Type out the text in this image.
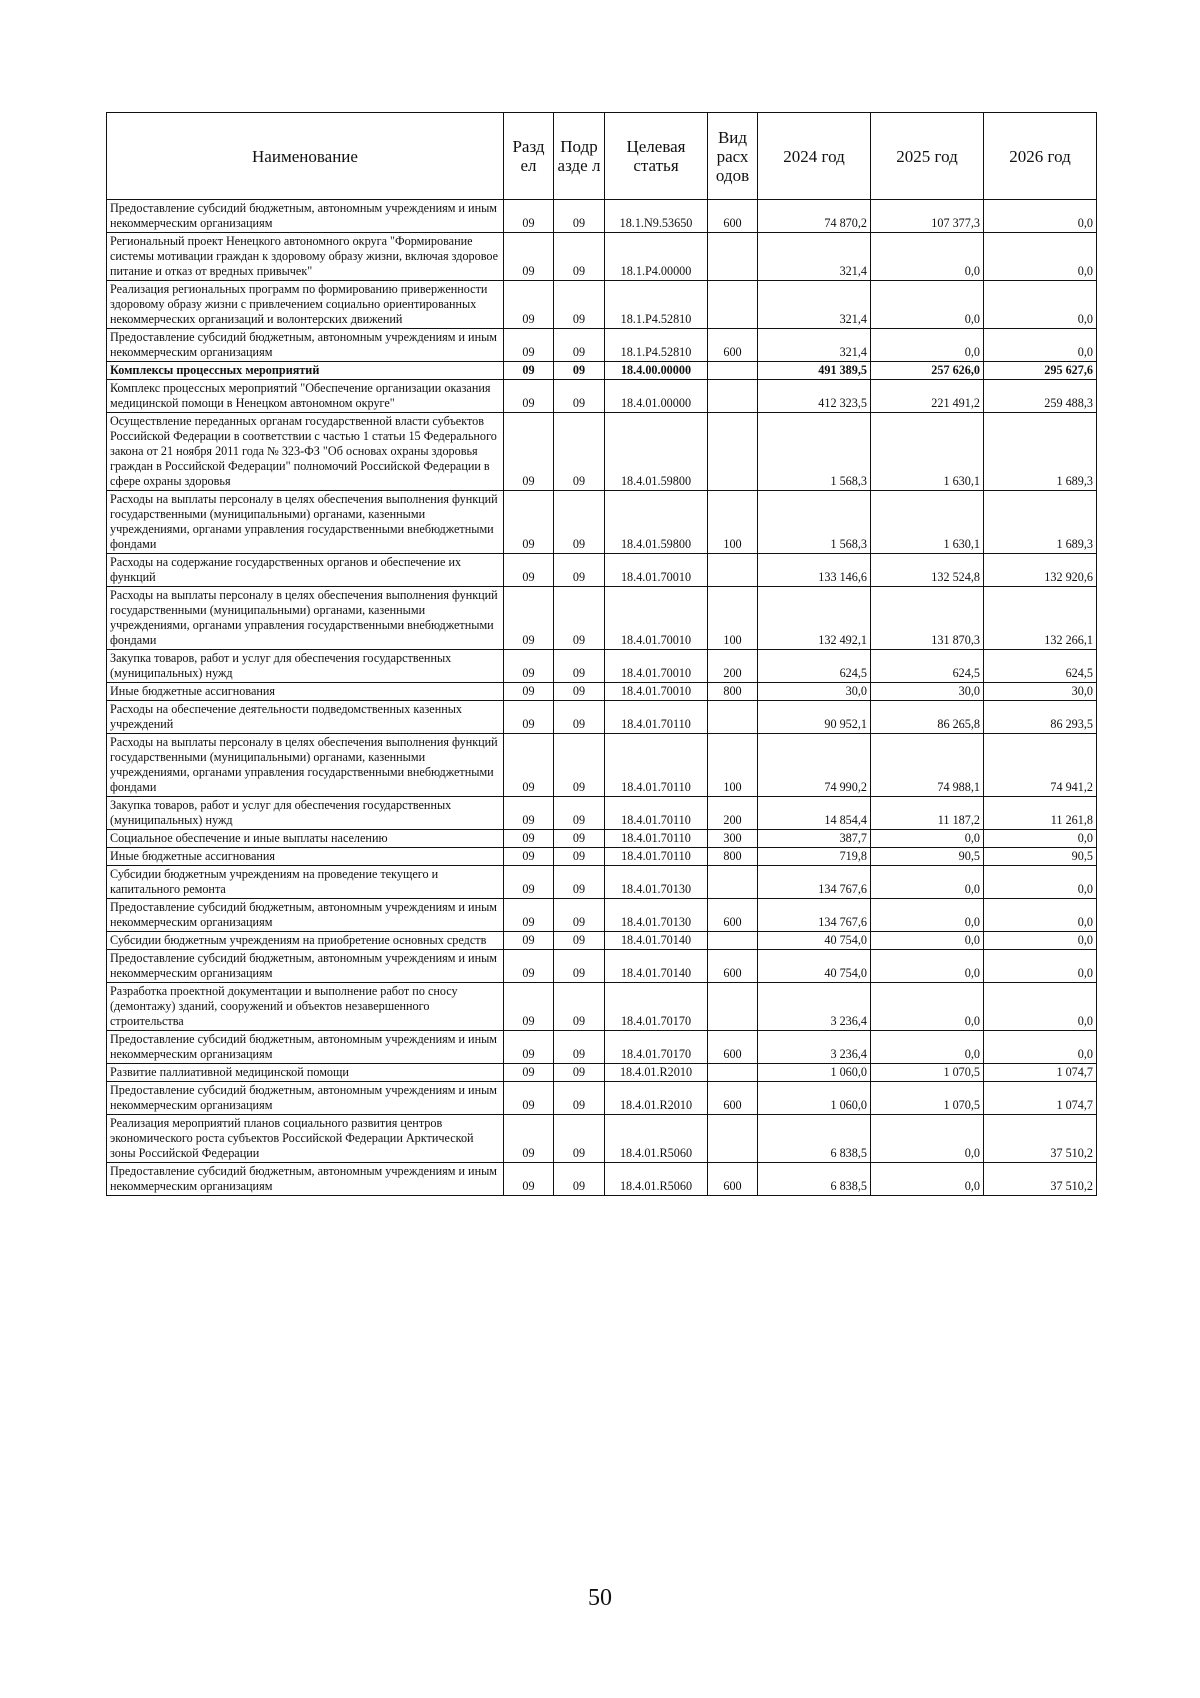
Наименование	Разд ел	Подр азде л	Целевая статья	Вид расх одов	2024 год	2025 год	2026 год
Предоставление субсидий бюджетным, автономным учреждениям и иным некоммерческим организациям	09	09	18.1.N9.53650	600	74 870,2	107 377,3	0,0
Региональный проект Ненецкого автономного округа "Формирование системы мотивации граждан к здоровому образу жизни, включая здоровое питание и отказ от вредных привычек"	09	09	18.1.P4.00000		321,4	0,0	0,0
Реализация региональных программ по формированию приверженности здоровому образу жизни с привлечением социально ориентированных некоммерческих организаций и волонтерских движений	09	09	18.1.P4.52810		321,4	0,0	0,0
Предоставление субсидий бюджетным, автономным учреждениям и иным некоммерческим организациям	09	09	18.1.P4.52810	600	321,4	0,0	0,0
Комплексы процессных мероприятий	09	09	18.4.00.00000		491 389,5	257 626,0	295 627,6
Комплекс процессных мероприятий "Обеспечение организации оказания медицинской помощи в Ненецком автономном округе"	09	09	18.4.01.00000		412 323,5	221 491,2	259 488,3
Осуществление переданных органам государственной власти субъектов Российской Федерации в соответствии с частью 1 статьи 15 Федерального закона от 21 ноября 2011 года № 323-ФЗ "Об основах охраны здоровья граждан в Российской Федерации" полномочий Российской Федерации в сфере охраны здоровья	09	09	18.4.01.59800		1 568,3	1 630,1	1 689,3
Расходы на выплаты персоналу в целях обеспечения выполнения функций государственными (муниципальными) органами, казенными учреждениями, органами управления государственными внебюджетными фондами	09	09	18.4.01.59800	100	1 568,3	1 630,1	1 689,3
Расходы на содержание государственных органов и обеспечение их функций	09	09	18.4.01.70010		133 146,6	132 524,8	132 920,6
Расходы на выплаты персоналу в целях обеспечения выполнения функций государственными (муниципальными) органами, казенными учреждениями, органами управления государственными внебюджетными фондами	09	09	18.4.01.70010	100	132 492,1	131 870,3	132 266,1
Закупка товаров, работ и услуг для обеспечения государственных (муниципальных) нужд	09	09	18.4.01.70010	200	624,5	624,5	624,5
Иные бюджетные ассигнования	09	09	18.4.01.70010	800	30,0	30,0	30,0
Расходы на обеспечение деятельности подведомственных казенных учреждений	09	09	18.4.01.70110		90 952,1	86 265,8	86 293,5
Расходы на выплаты персоналу в целях обеспечения выполнения функций государственными (муниципальными) органами, казенными учреждениями, органами управления государственными внебюджетными фондами	09	09	18.4.01.70110	100	74 990,2	74 988,1	74 941,2
Закупка товаров, работ и услуг для обеспечения государственных (муниципальных) нужд	09	09	18.4.01.70110	200	14 854,4	11 187,2	11 261,8
Социальное обеспечение и иные выплаты населению	09	09	18.4.01.70110	300	387,7	0,0	0,0
Иные бюджетные ассигнования	09	09	18.4.01.70110	800	719,8	90,5	90,5
Субсидии бюджетным учреждениям на проведение текущего и капитального ремонта	09	09	18.4.01.70130		134 767,6	0,0	0,0
Предоставление субсидий бюджетным, автономным учреждениям и иным некоммерческим организациям	09	09	18.4.01.70130	600	134 767,6	0,0	0,0
Субсидии бюджетным учреждениям на приобретение основных средств	09	09	18.4.01.70140		40 754,0	0,0	0,0
Предоставление субсидий бюджетным, автономным учреждениям и иным некоммерческим организациям	09	09	18.4.01.70140	600	40 754,0	0,0	0,0
Разработка проектной документации и выполнение работ по сносу (демонтажу) зданий, сооружений и объектов незавершенного строительства	09	09	18.4.01.70170		3 236,4	0,0	0,0
Предоставление субсидий бюджетным, автономным учреждениям и иным некоммерческим организациям	09	09	18.4.01.70170	600	3 236,4	0,0	0,0
Развитие паллиативной медицинской помощи	09	09	18.4.01.R2010		1 060,0	1 070,5	1 074,7
Предоставление субсидий бюджетным, автономным учреждениям и иным некоммерческим организациям	09	09	18.4.01.R2010	600	1 060,0	1 070,5	1 074,7
Реализация мероприятий планов социального развития центров экономического роста субъектов Российской Федерации Арктической зоны Российской Федерации	09	09	18.4.01.R5060		6 838,5	0,0	37 510,2
Предоставление субсидий бюджетным, автономным учреждениям и иным некоммерческим организациям	09	09	18.4.01.R5060	600	6 838,5	0,0	37 510,2
50
